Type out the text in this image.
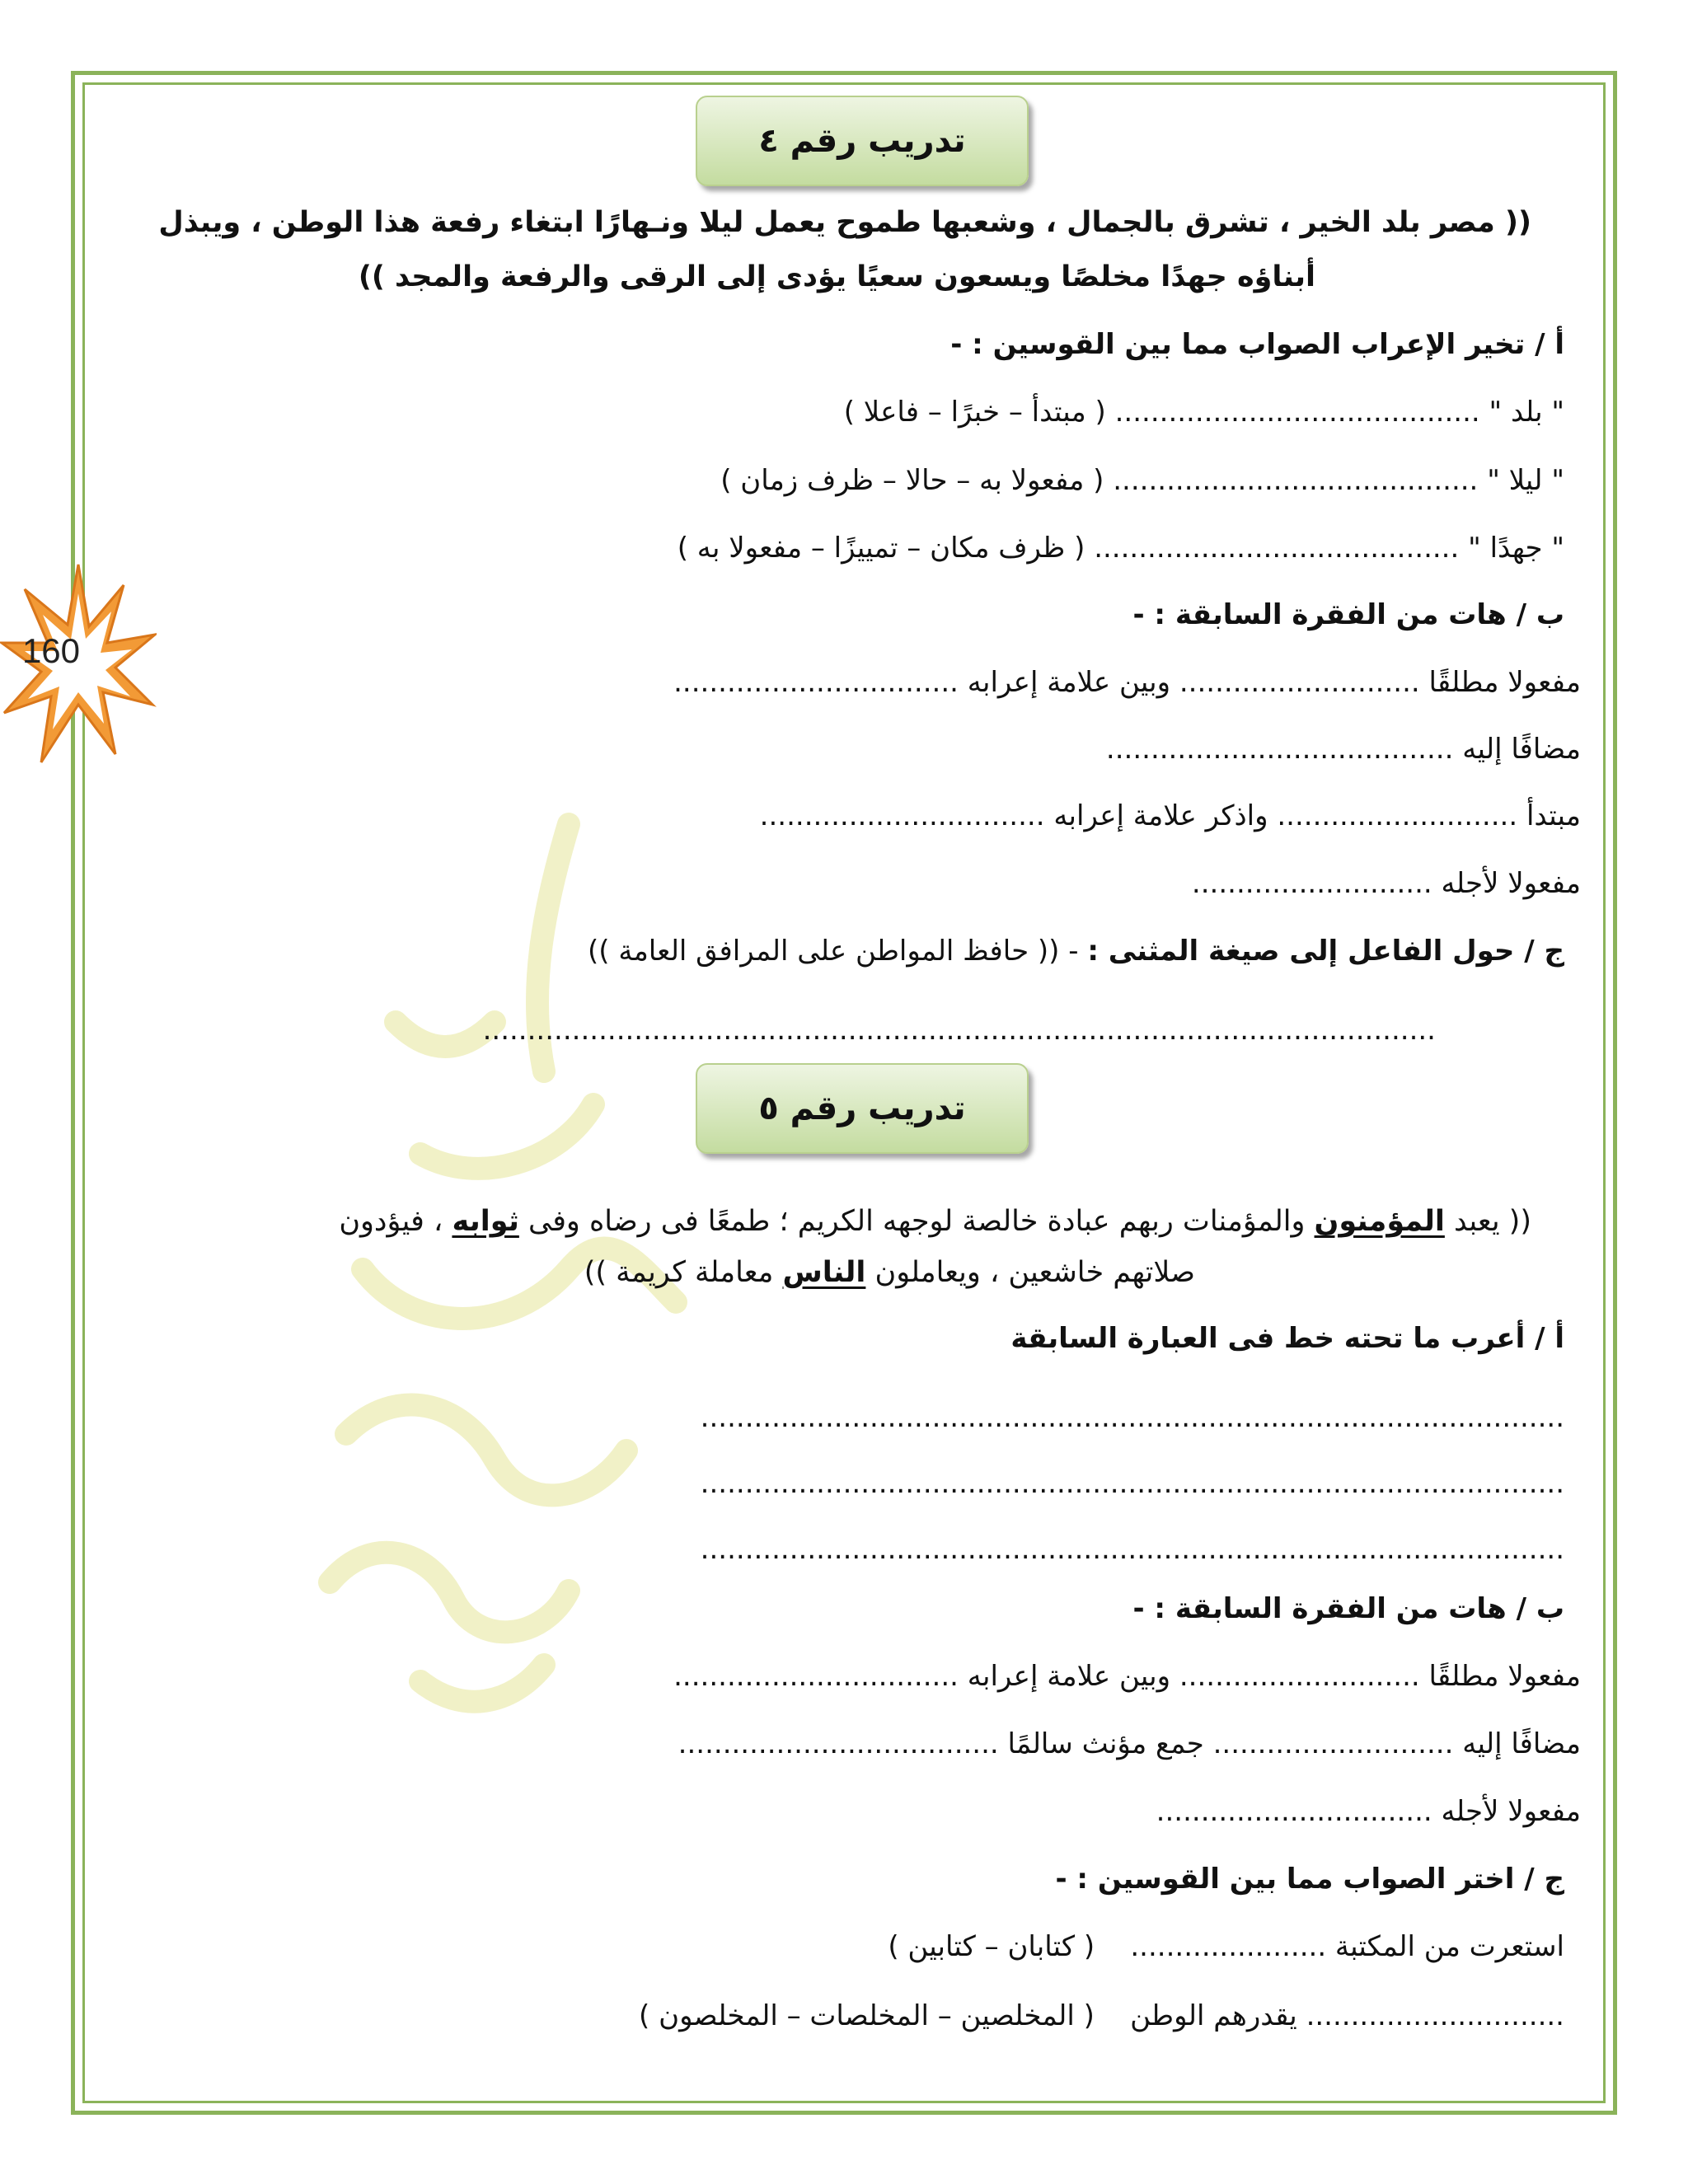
160
تدريب رقم ٤
(( مصر بلد الخير ، تشرق بالجمال ، وشعبها طموح يعمل ليلا ونـهارًا ابتغاء رفعة هذا الوطن ، ويبذل
أبناؤه جهدًا مخلصًا ويسعون سعيًا يؤدى إلى الرقى والرفعة والمجد ))
أ / تخير الإعراب الصواب مما بين القوسين : -
" بلد " ......................................... ( مبتدأ – خبرًا – فاعلا )
" ليلا " ......................................... ( مفعولا به – حالا – ظرف زمان )
" جهدًا " ......................................... ( ظرف مكان – تمييزًا – مفعولا به )
ب / هات من الفقرة السابقة : -
مفعولا مطلقًا ........................... وبين علامة إعرابه ................................
مضافًا إليه .......................................
مبتدأ ........................... واذكر علامة إعرابه ................................
مفعولا لأجله ...........................
ج / حول الفاعل إلى صيغة المثنى : - (( حافظ المواطن على المرافق العامة ))
...........................................................................................................
تدريب رقم ٥
(( يعبد المؤمنون والمؤمنات ربهم عبادة خالصة لوجهه الكريم ؛ طمعًا فى رضاه وفى ثوابه ، فيؤدون
صلاتهم خاشعين ، ويعاملون الناس معاملة كريمة ))
أ / أعرب ما تحته خط فى العبارة السابقة
.................................................................................................
.................................................................................................
.................................................................................................
ب / هات من الفقرة السابقة : -
مفعولا مطلقًا ........................... وبين علامة إعرابه ................................
مضافًا إليه ........................... جمع مؤنث سالمًا ....................................
مفعولا لأجله ...............................
ج / اختر الصواب مما بين القوسين : -
استعرت من المكتبة ......................    ( كتابان – كتابين )
............................. يقدرهم الوطن    ( المخلصين – المخلصات – المخلصون )
